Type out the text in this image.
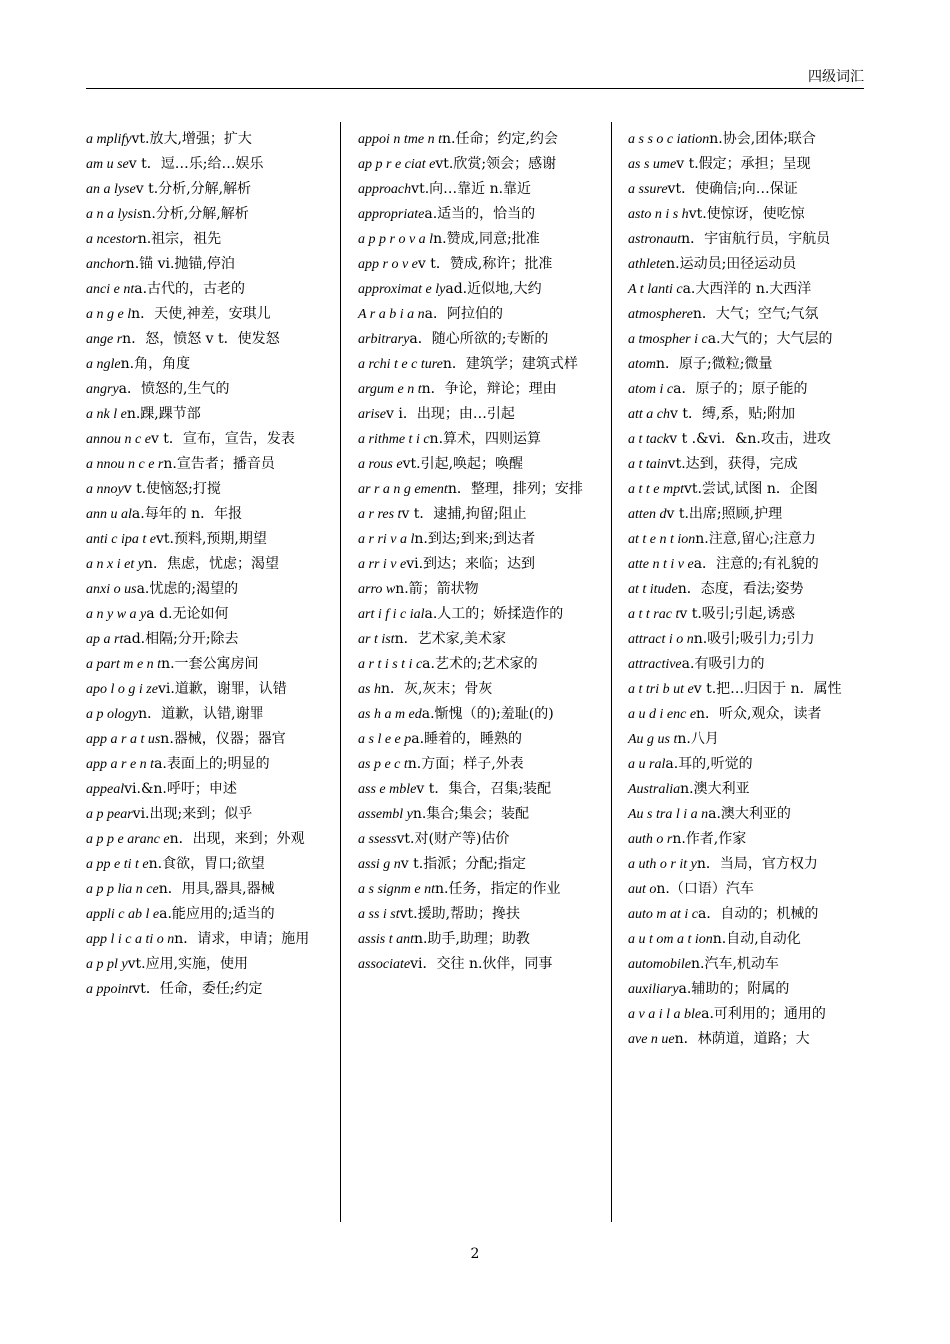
四级词汇

a mplifyvt.放大,增强；扩大

am u sev t．逗…乐;给…娱乐

an a lysev t.分析,分解,解析

a n a lysisn.分析,分解,解析

a ncestorn.祖宗，祖先

anchorn.锚 vi.抛锚,停泊

anci e nta.古代的，古老的

a n g e ln．天使,神差，安琪儿

ange rn．怒，愤怒 v t．使发怒

a nglen.角，角度

angrya．愤怒的,生气的

a nk l en.踝,踝节部

annou n c ev t．宣布，宣告，发表

a nnou n c e rn.宣告者；播音员

a nnoyv t.使恼怒;打搅

ann u ala.每年的 n．年报

anti c ipa t evt.预料,预期,期望

a n x i et yn．焦虑，忧虑；渴望

anxi o usa.忧虑的;渴望的

a n y w a ya d.无论如何

ap a rtad.相隔;分开;除去

a part m e n tn.一套公寓房间

apo l o g i zevi.道歉，谢罪，认错

a p ologyn．道歉，认错,谢罪

app a r a t usn.器械，仪器；器官

app a r e n ta.表面上的;明显的

appealvi.&n.呼吁；申述

a p pearvi.出现;来到；似乎

a p p e aranc en．出现，来到；外观

a pp e ti t en.食欲，胃口;欲望

a p p lia n cen．用具,器具,器械

appli c ab l ea.能应用的;适当的

app l i c a ti o nn．请求，申请；施用

a p pl yvt.应用,实施，使用

a ppointvt．任命，委任;约定

appoi n tme n tn.任命；约定,约会

ap p r e ciat evt.欣赏;领会；感谢

approachvt.向…靠近 n.靠近

appropriatea.适当的，恰当的

a p p r o v a ln.赞成,同意;批准

app r o v ev t．赞成,称许；批准

approximat e lyad.近似地,大约

A r a b i a na．阿拉伯的

arbitrarya．随心所欲的;专断的

a rchi t e c turen．建筑学；建筑式样

argum e n tn．争论，辩论；理由

arisev i．出现；由…引起

a rithme t i cn.算术，四则运算

a rous evt.引起,唤起；唤醒

ar r a n g ementn．整理，排列；安排

a r res tv t．逮捕,拘留;阻止

a r ri v a ln.到达;到来;到达者

a rr i v evi.到达；来临；达到

arro wn.箭；箭状物

art i f i c iala.人工的；娇揉造作的

ar t istn．艺术家,美术家

a r t i s t i ca.艺术的;艺术家的

as hn．灰,灰末；骨灰

as h a m eda.惭愧（的);羞耻(的)

a s l e e pa.睡着的，睡熟的

as p e c tn.方面；样子,外表

ass e mblev t．集合，召集;装配

assembl yn.集合;集会；装配

a ssessvt.对(财产等)估价

assi g nv t.指派；分配;指定

a s signm e ntn.任务，指定的作业

a ss i stvt.援助,帮助；搀扶

assis t antn.助手,助理；助教

associatevi．交往 n.伙伴，同事

a s s o c iationn.协会,团体;联合

as s umev t.假定；承担；呈现

a ssurevt．使确信;向…保证

asto n i s hvt.使惊讶，使吃惊

astronautn．宇宙航行员，宇航员

athleten.运动员;田径运动员

A t lanti ca.大西洋的 n.大西洋

atmospheren．大气；空气;气氛

a tmospher i ca.大气的；大气层的

atomn．原子;微粒;微量

atom i ca．原子的；原子能的

att a chv t．缚,系，贴;附加

a t tackv t .&vi．&n.攻击，进攻

a t tainvt.达到，获得，完成

a t t e mptvt.尝试,试图 n．企图

atten dv t.出席;照顾,护理

at t e n t ionn.注意,留心;注意力

atte n t i v ea．注意的;有礼貌的

at t ituden．态度，看法;姿势

a t t rac tv t.吸引;引起,诱惑

attract i o nn.吸引;吸引力;引力

attractivea.有吸引力的

a t tri b ut ev t.把…归因于 n．属性

a u d i enc en．听众,观众，读者

Au g us tn.八月

a u rala.耳的,听觉的

Australian.澳大利亚

Au s tra l i a na.澳大利亚的

auth o rn.作者,作家

a uth o r it yn．当局，官方权力

aut on.（口语）汽车

auto m at i ca．自动的；机械的

a u t om a t ionn.自动,自动化

automobilen.汽车,机动车

auxiliarya.辅助的；附属的

a v a i l a blea.可利用的；通用的

ave n uen．林荫道，道路；大

2
